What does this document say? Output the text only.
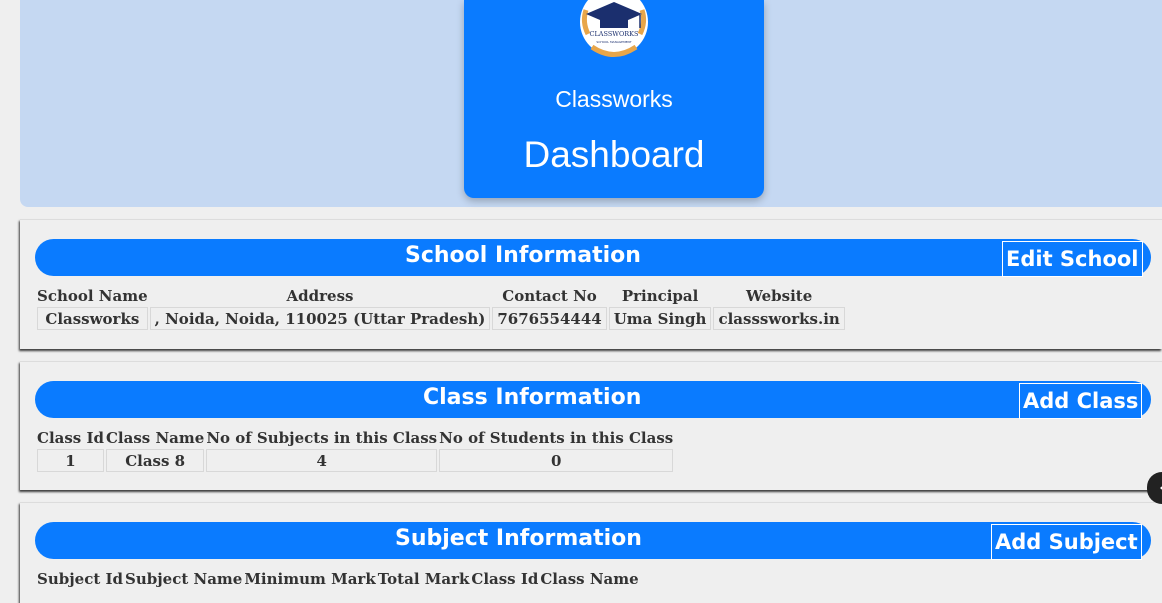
CLASSWORKS
SCHOOL MANAGEMENT
Classworks
Dashboard
School Information	Edit School
School Name	Address	Contact No	Principal	Website
Classworks	, Noida, Noida, 110025 (Uttar Pradesh)	7676554444	Uma Singh	classsworks.in
Class Information	Add Class
Class Id	Class Name	No of Subjects in this Class	No of Students in this Class
1	Class 8	4	0
Subject Information	Add Subject
Subject Id	Subject Name	Minimum Mark	Total Mark	Class Id	Class Name
